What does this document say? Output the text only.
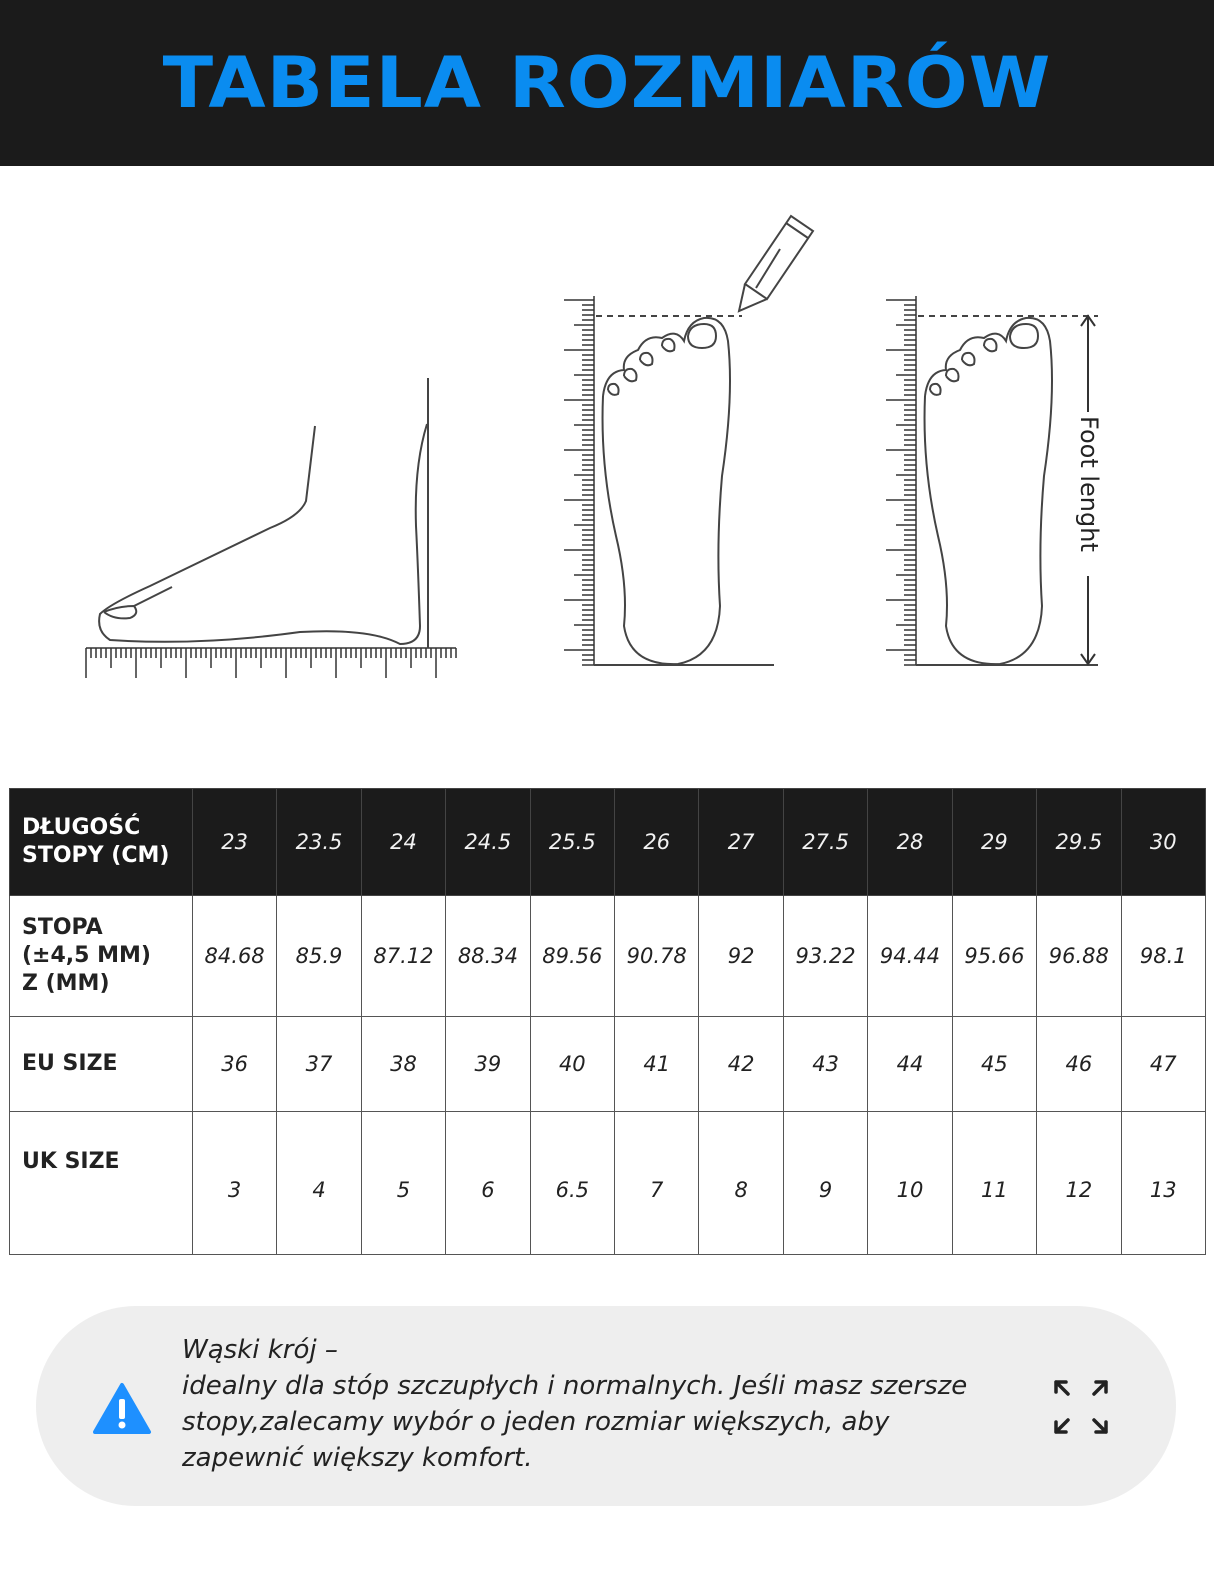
TABELA ROZMIARÓW
Foot lenght
DŁUGOŚĆ
STOPY (CM)	23	23.5	24	24.5	25.5	26	27	27.5	28	29	29.5	30

STOPA
(±4,5 MM)
Z (MM)	84.68	85.9	87.12	88.34	89.56	90.78	92	93.22	94.44	95.66	96.88	98.1
EU SIZE	36	37	38	39	40	41	42	43	44	45	46	47
UK SIZE	3	4	5	6	6.5	7	8	9	10	11	12	13
Wąski krój –
idealny dla stóp szczupłych i normalnych. Jeśli masz szersze
stopy,zalecamy wybór o jeden rozmiar większych, aby
zapewnić większy komfort.
